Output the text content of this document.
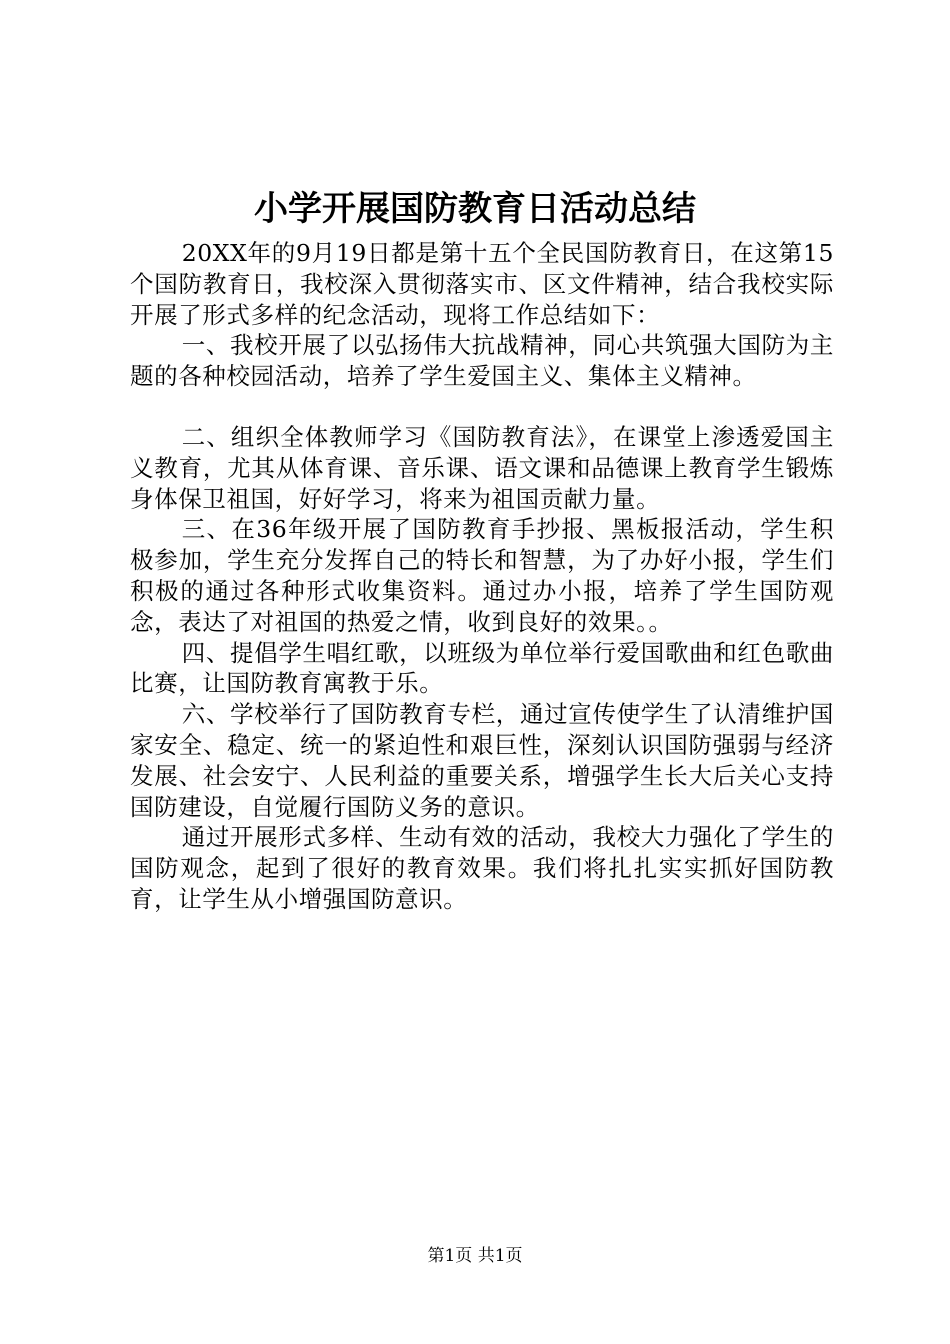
小学开展国防教育日活动总结

20XX年的9月19日都是第十五个全民国防教育日，在这第15个国防教育日，我校深入贯彻落实市、区文件精神，结合我校实际开展了形式多样的纪念活动，现将工作总结如下：

一、我校开展了以弘扬伟大抗战精神，同心共筑强大国防为主题的各种校园活动，培养了学生爱国主义、集体主义精神。

二、组织全体教师学习《国防教育法》，在课堂上渗透爱国主义教育，尤其从体育课、音乐课、语文课和品德课上教育学生锻炼身体保卫祖国，好好学习，将来为祖国贡献力量。

三、在36年级开展了国防教育手抄报、黑板报活动，学生积极参加，学生充分发挥自己的特长和智慧，为了办好小报，学生们积极的通过各种形式收集资料。通过办小报，培养了学生国防观念，表达了对祖国的热爱之情，收到良好的效果。。

四、提倡学生唱红歌，以班级为单位举行爱国歌曲和红色歌曲比赛，让国防教育寓教于乐。

六、学校举行了国防教育专栏，通过宣传使学生了认清维护国家安全、稳定、统一的紧迫性和艰巨性，深刻认识国防强弱与经济发展、社会安宁、人民利益的重要关系，增强学生长大后关心支持国防建设，自觉履行国防义务的意识。

通过开展形式多样、生动有效的活动，我校大力强化了学生的国防观念，起到了很好的教育效果。我们将扎扎实实抓好国防教育，让学生从小增强国防意识。

第1页 共1页
